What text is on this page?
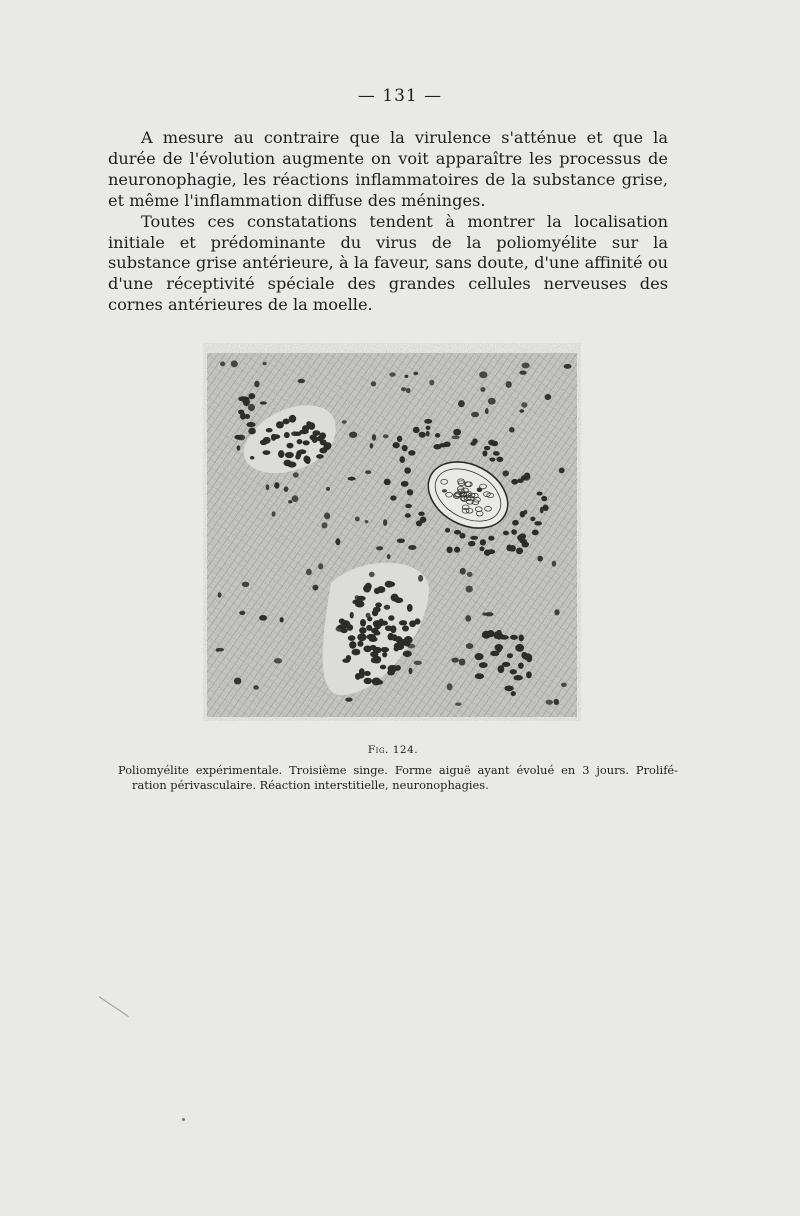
— 131 —

A mesure au contraire que la virulence s'atténue et que la durée de l'évolution augmente on voit apparaître les processus de neuronophagie, les réactions inflammatoires de la substance grise, et même l'inflammation diffuse des méninges.

Toutes ces constatations tendent à montrer la localisation initiale et prédominante du virus de la poliomyélite sur la substance grise antérieure, à la faveur, sans doute, d'une affinité ou d'une réceptivité spéciale des grandes cellules nerveuses des cornes antérieures de la moelle.

Fig. 124.
Poliomyélite expérimentale. Troisième singe. Forme aiguë ayant évolué en 3 jours. Prolifé-
ration périvasculaire. Réaction interstitielle, neuronophagies.
